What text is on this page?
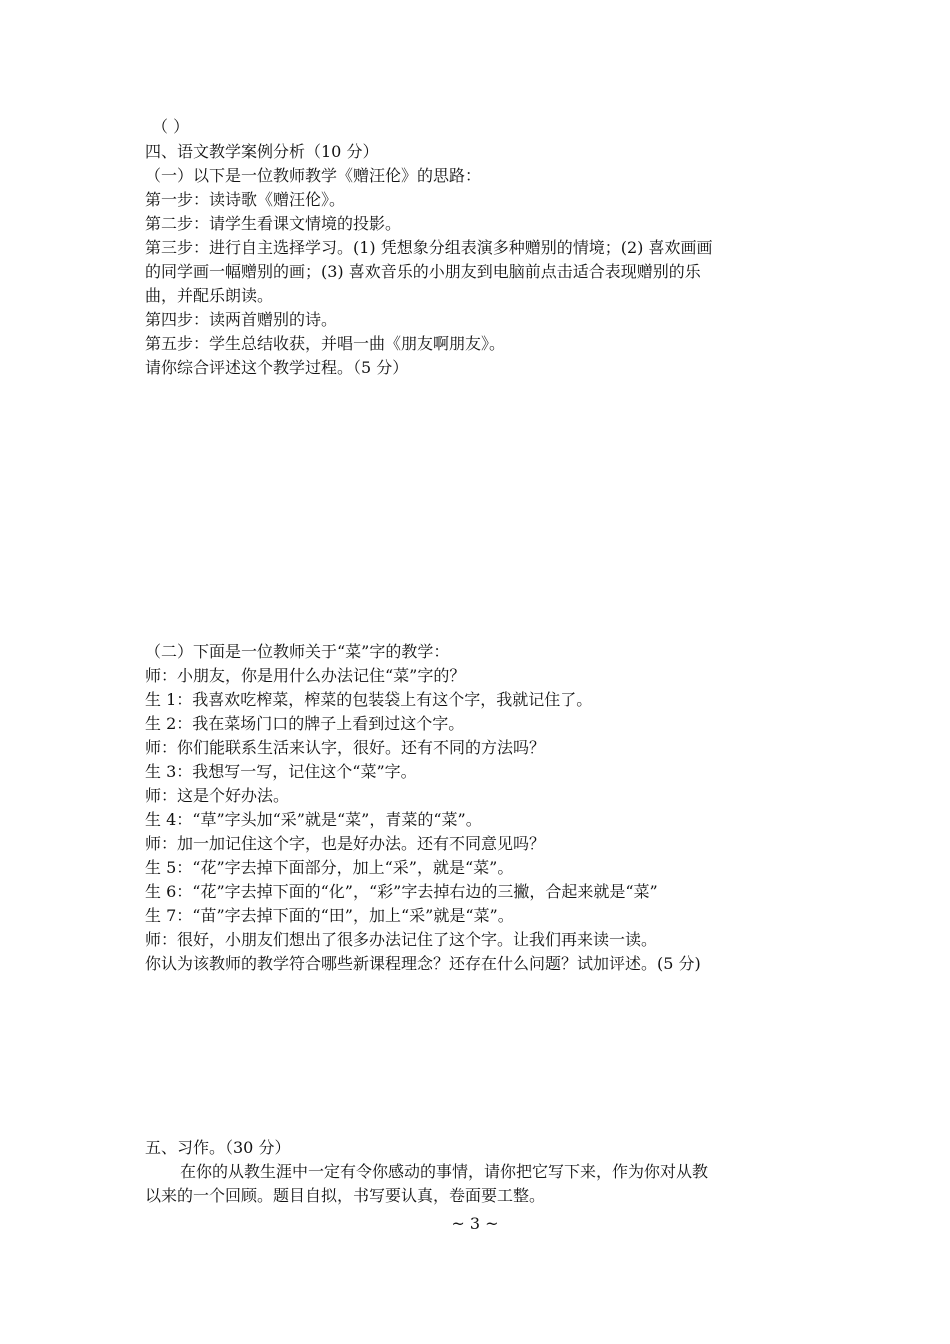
（ ）
四、语文教学案例分析（10 分）
（一）以下是一位教师教学《赠汪伦》的思路：
第一步：读诗歌《赠汪伦》。
第二步：请学生看课文情境的投影。
第三步：进行自主选择学习。(1) 凭想象分组表演多种赠别的情境；(2) 喜欢画画
的同学画一幅赠别的画；(3) 喜欢音乐的小朋友到电脑前点击适合表现赠别的乐
曲，并配乐朗读。
第四步：读两首赠别的诗。
第五步：学生总结收获，并唱一曲《朋友啊朋友》。
请你综合评述这个教学过程。（5 分）
（二）下面是一位教师关于“菜”字的教学：
师：小朋友，你是用什么办法记住“菜”字的？
生 1：我喜欢吃榨菜，榨菜的包装袋上有这个字，我就记住了。
生 2：我在菜场门口的牌子上看到过这个字。
师：你们能联系生活来认字，很好。还有不同的方法吗？
生 3：我想写一写，记住这个“菜”字。
师：这是个好办法。
生 4：“草”字头加“采”就是“菜”，青菜的“菜”。
师：加一加记住这个字，也是好办法。还有不同意见吗？
生 5：“花”字去掉下面部分，加上“采”，就是“菜”。
生 6：“花”字去掉下面的“化”，“彩”字去掉右边的三撇，合起来就是“菜”
生 7：“苗”字去掉下面的“田”，加上“采”就是“菜”。
师：很好，小朋友们想出了很多办法记住了这个字。让我们再来读一读。
你认为该教师的教学符合哪些新课程理念？还存在什么问题？试加评述。(5 分)
五、习作。（30 分）
在你的从教生涯中一定有令你感动的事情，请你把它写下来，作为你对从教
以来的一个回顾。题目自拟，书写要认真，卷面要工整。
~ 3 ~
